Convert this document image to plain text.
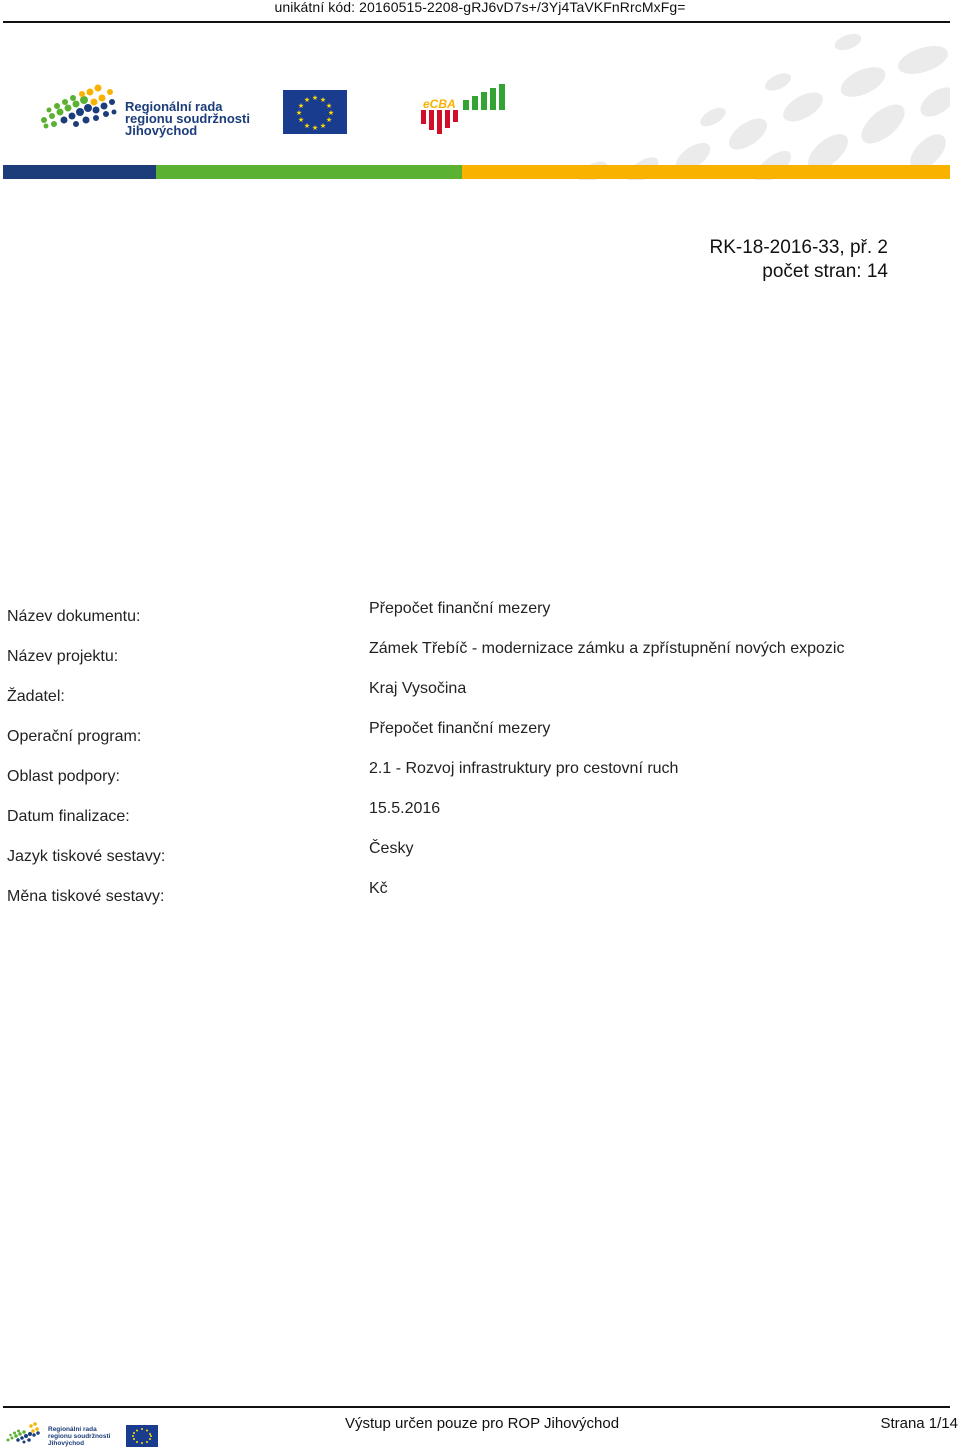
unikátní kód: 20160515-2208-gRJ6vD7s+/3Yj4TaVKFnRrcMxFg=
Regionální rada
regionu soudržnosti
Jihovýchod
★ ★
★
★
★
★
★
★
★
★
★
★	eCBA
RK-18-2016-33, př. 2
počet stran: 14
Název dokumentu:
Název projektu:
Žadatel:
Operační program:
Oblast podpory:
Datum finalizace:
Jazyk tiskové sestavy:
Měna tiskové sestavy:
Přepočet finanční mezery
Zámek Třebíč - modernizace zámku a zpřístupnění nových expozic
Kraj Vysočina
Přepočet finanční mezery
2.1 - Rozvoj infrastruktury pro cestovní ruch
15.5.2016
Česky
Kč
Regionální rada
regionu soudržnosti
Jihovýchod
Výstup určen pouze pro ROP Jihovýchod	Strana 1/14
